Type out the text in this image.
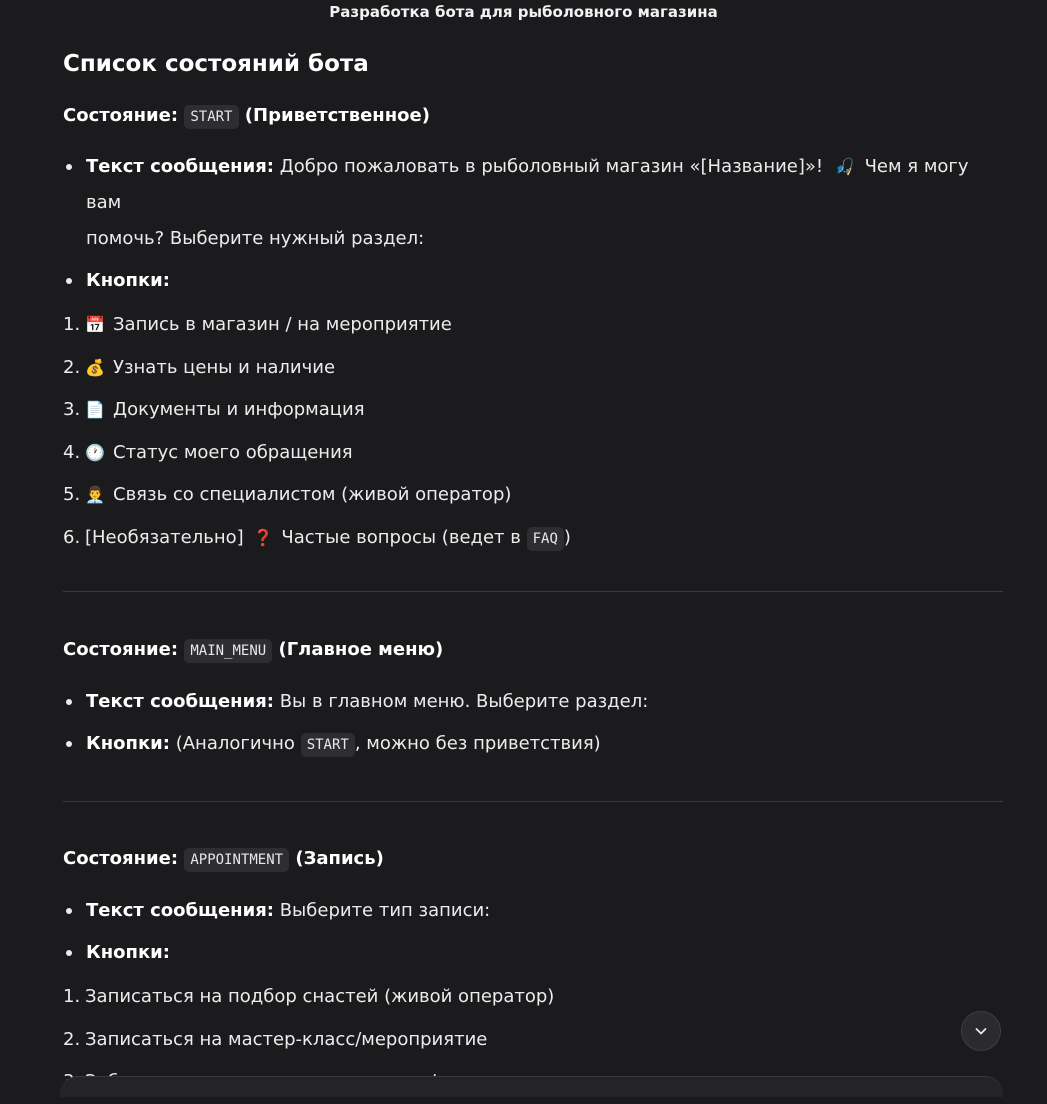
Разработка бота для рыболовного магазина
Список состояний бота
Состояние: START (Приветственное)
Текст сообщения: Добро пожаловать в рыболовный магазин «[Название]»! 🎣 Чем я могу вам
помочь? Выберите нужный раздел:
Кнопки:
1. 📅 Запись в магазин / на мероприятие
2. 💰 Узнать цены и наличие
3. 📄 Документы и информация
4. 🕐 Статус моего обращения
5. 👨‍💼 Связь со специалистом (живой оператор)
6. [Необязательно] ❓ Частые вопросы (ведет в FAQ )
Состояние: MAIN_MENU (Главное меню)
Текст сообщения: Вы в главном меню. Выберите раздел:
Кнопки: (Аналогично START , можно без приветствия)
Состояние: APPOINTMENT (Запись)
Текст сообщения: Выберите тип записи:
Кнопки:
1. Записаться на подбор снастей (живой оператор)
2. Записаться на мастер-класс/мероприятие
